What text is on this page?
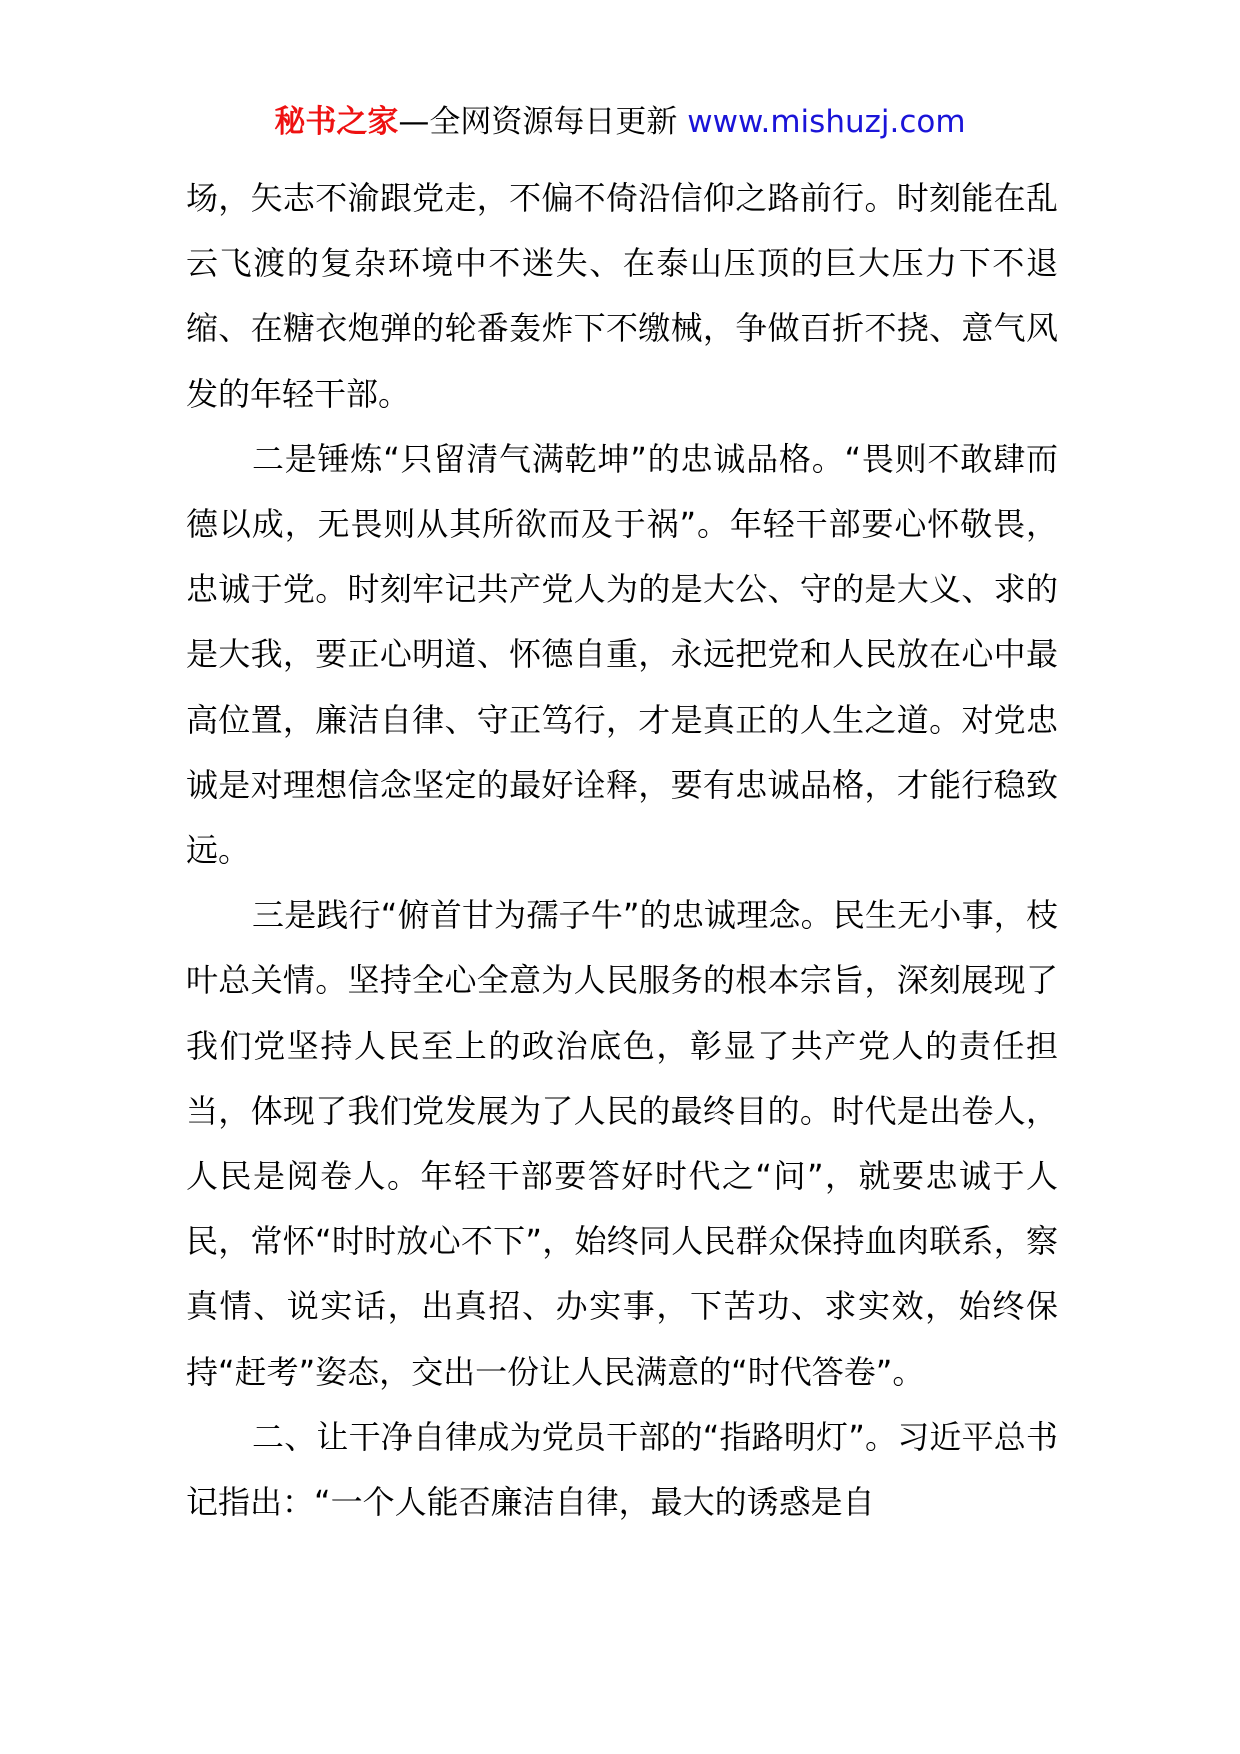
秘书之家—全网资源每日更新 www.mishuzj.com

场，矢志不渝跟党走，不偏不倚沿信仰之路前行。时刻能在乱云飞渡的复杂环境中不迷失、在泰山压顶的巨大压力下不退缩、在糖衣炮弹的轮番轰炸下不缴械，争做百折不挠、意气风发的年轻干部。

二是锤炼“只留清气满乾坤”的忠诚品格。“畏则不敢肆而德以成，无畏则从其所欲而及于祸”。年轻干部要心怀敬畏，忠诚于党。时刻牢记共产党人为的是大公、守的是大义、求的是大我，要正心明道、怀德自重，永远把党和人民放在心中最高位置，廉洁自律、守正笃行，才是真正的人生之道。对党忠诚是对理想信念坚定的最好诠释，要有忠诚品格，才能行稳致远。

三是践行“俯首甘为孺子牛”的忠诚理念。民生无小事，枝叶总关情。坚持全心全意为人民服务的根本宗旨，深刻展现了我们党坚持人民至上的政治底色，彰显了共产党人的责任担当，体现了我们党发展为了人民的最终目的。时代是出卷人，人民是阅卷人。年轻干部要答好时代之“问”，就要忠诚于人民，常怀“时时放心不下”，始终同人民群众保持血肉联系，察真情、说实话，出真招、办实事，下苦功、求实效，始终保持“赶考”姿态，交出一份让人民满意的“时代答卷”。

二、让干净自律成为党员干部的“指路明灯”。习近平总书记指出：“一个人能否廉洁自律，最大的诱惑是自
